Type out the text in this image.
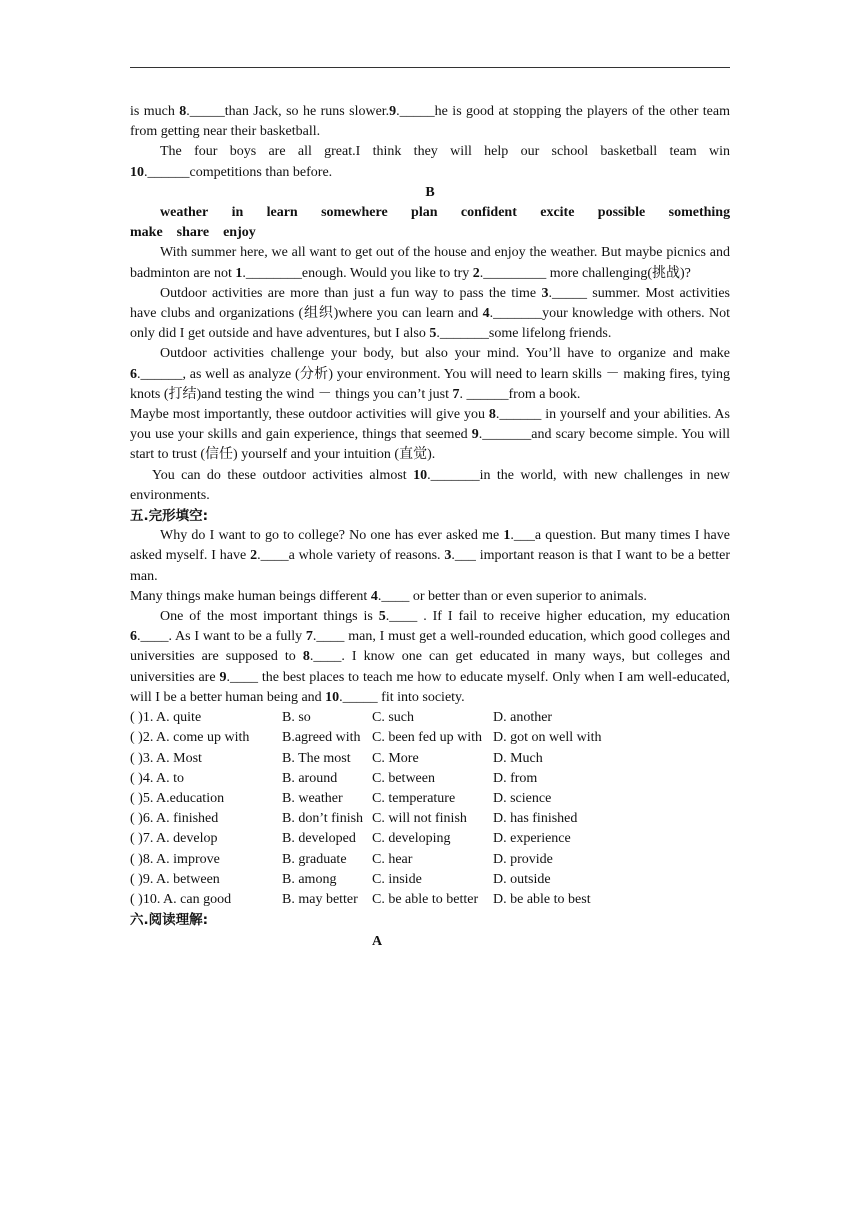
is much 8._____than Jack, so he runs slower.9._____he is good at stopping the players of the other team from getting near their basketball.

The four boys are all great.I think they will help our school basketball team win 10.______competitions than before.

B

weather in learn somewhere plan confident excite possible something

make share enjoy

With summer here, we all want to get out of the house and enjoy the weather. But maybe picnics and badminton are not 1.________enough. Would you like to try 2._________ more challenging(挑战)?

Outdoor activities are more than just a fun way to pass the time 3._____ summer. Most activities have clubs and organizations (组织)where you can learn and 4._______your knowledge with others. Not only did I get outside and have adventures, but I also 5._______some lifelong friends.

Outdoor activities challenge your body, but also your mind. You’ll have to organize and make 6.______, as well as analyze (分析) your environment. You will need to learn skills － making fires, tying knots (打结)and testing the wind － things you can’t just 7. ______from a book.

Maybe most importantly, these outdoor activities will give you 8.______ in yourself and your abilities. As you use your skills and gain experience, things that seemed 9._______and scary become simple. You will start to trust (信任) yourself and your intuition (直觉).

You can do these outdoor activities almost 10._______in the world, with new challenges in new environments.

五.完形填空:

Why do I want to go to college? No one has ever asked me 1.___a question. But many times I have asked myself. I have 2.____a whole variety of reasons. 3.___ important reason is that I want to be a better man.

Many things make human beings different 4.____ or better than or even superior to animals.

One of the most important things is 5.____ . If I fail to receive higher education, my education 6.____. As I want to be a fully 7.____ man, I must get a well-rounded education, which good colleges and universities are supposed to 8.____. I know one can get educated in many ways, but colleges and universities are 9.____ the best places to teach me how to educate myself. Only when I am well-educated, will I be a better human being and 10._____ fit into society.

( )1. A. quite	B. so	C. such	D. another
( )2. A. come up with	B.agreed with C. been fed up with D. got on well with
( )3. A. Most	B. The most	C. More	D. Much
( )4. A. to	B. around	C. between	D. from
( )5. A.education	B. weather	C. temperature	D. science
( )6. A. finished	B. don’t finish C. will not finish	D. has finished
( )7. A. develop	B. developed	C. developing	D. experience
( )8. A. improve	B. graduate	C. hear	D. provide
( )9. A. between	B. among	C. inside	D. outside
( )10. A. can good	B. may better	C. be able to better	D. be able to best

六.阅读理解:

A
